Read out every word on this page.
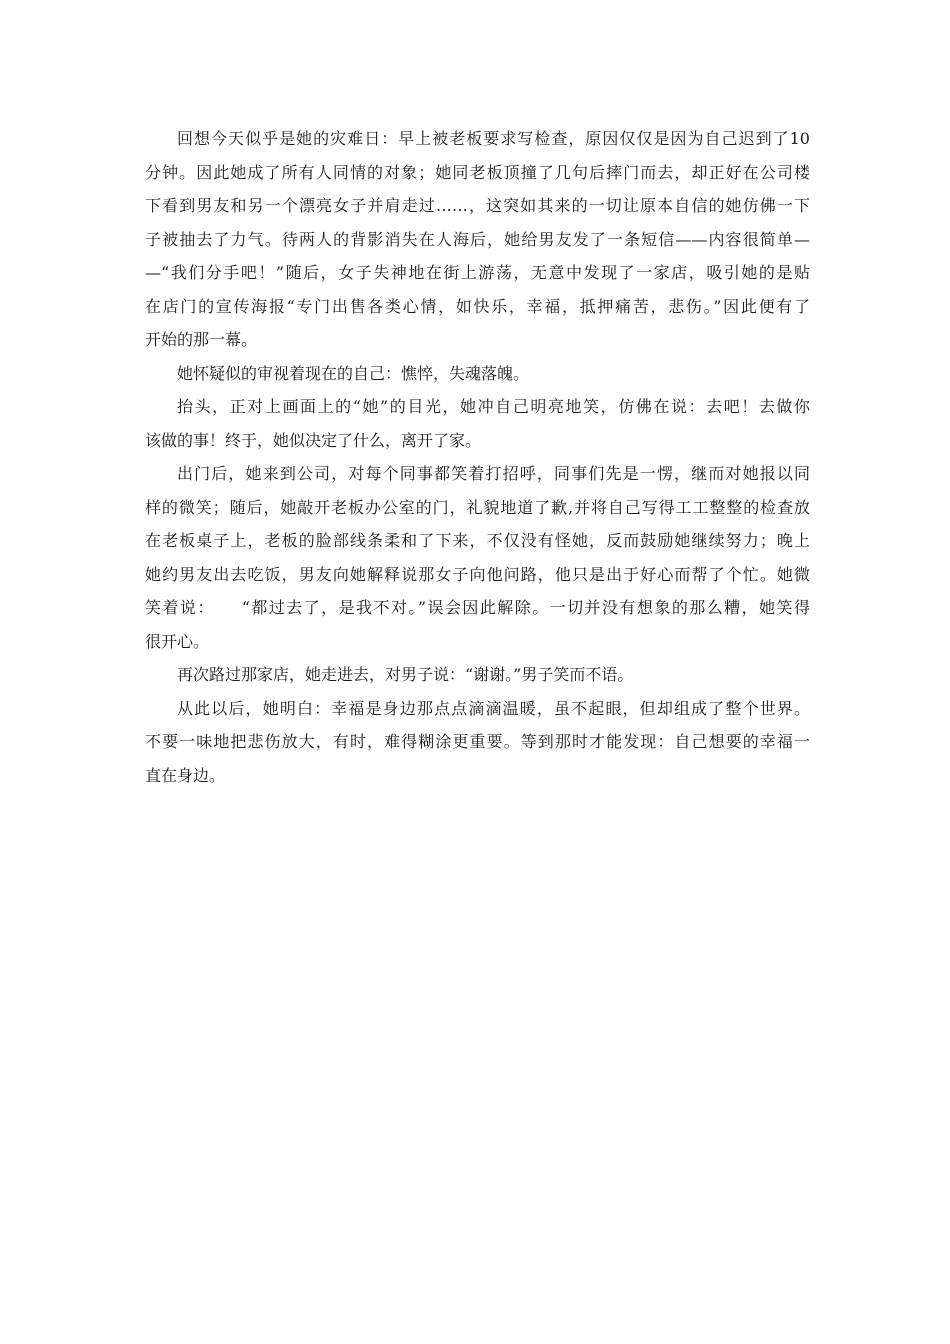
回想今天似乎是她的灾难日：早上被老板要求写检查，原因仅仅是因为自己迟到了10
分钟。因此她成了所有人同情的对象；她同老板顶撞了几句后摔门而去，却正好在公司楼
下看到男友和另一个漂亮女子并肩走过……，这突如其来的一切让原本自信的她仿佛一下
子被抽去了力气。待两人的背影消失在人海后，她给男友发了一条短信——内容很简单—
—“我们分手吧！”随后，女子失神地在街上游荡，无意中发现了一家店，吸引她的是贴
在店门的宣传海报“专门出售各类心情，如快乐，幸福，抵押痛苦，悲伤。”因此便有了
开始的那一幕。
她怀疑似的审视着现在的自己：憔悴，失魂落魄。
抬头，正对上画面上的“她”的目光，她冲自己明亮地笑，仿佛在说：去吧！去做你
该做的事！终于，她似决定了什么，离开了家。
出门后，她来到公司，对每个同事都笑着打招呼，同事们先是一愣，继而对她报以同
样的微笑；随后，她敲开老板办公室的门，礼貌地道了歉,并将自己写得工工整整的检查放
在老板桌子上，老板的脸部线条柔和了下来，不仅没有怪她，反而鼓励她继续努力；晚上
她约男友出去吃饭，男友向她解释说那女子向他问路，他只是出于好心而帮了个忙。她微
笑着说：　　“都过去了，是我不对。”误会因此解除。一切并没有想象的那么糟，她笑得
很开心。
再次路过那家店，她走进去，对男子说：“谢谢。”男子笑而不语。
从此以后，她明白：幸福是身边那点点滴滴温暖，虽不起眼，但却组成了整个世界。
不要一味地把悲伤放大，有时，难得糊涂更重要。等到那时才能发现：自己想要的幸福一
直在身边。
